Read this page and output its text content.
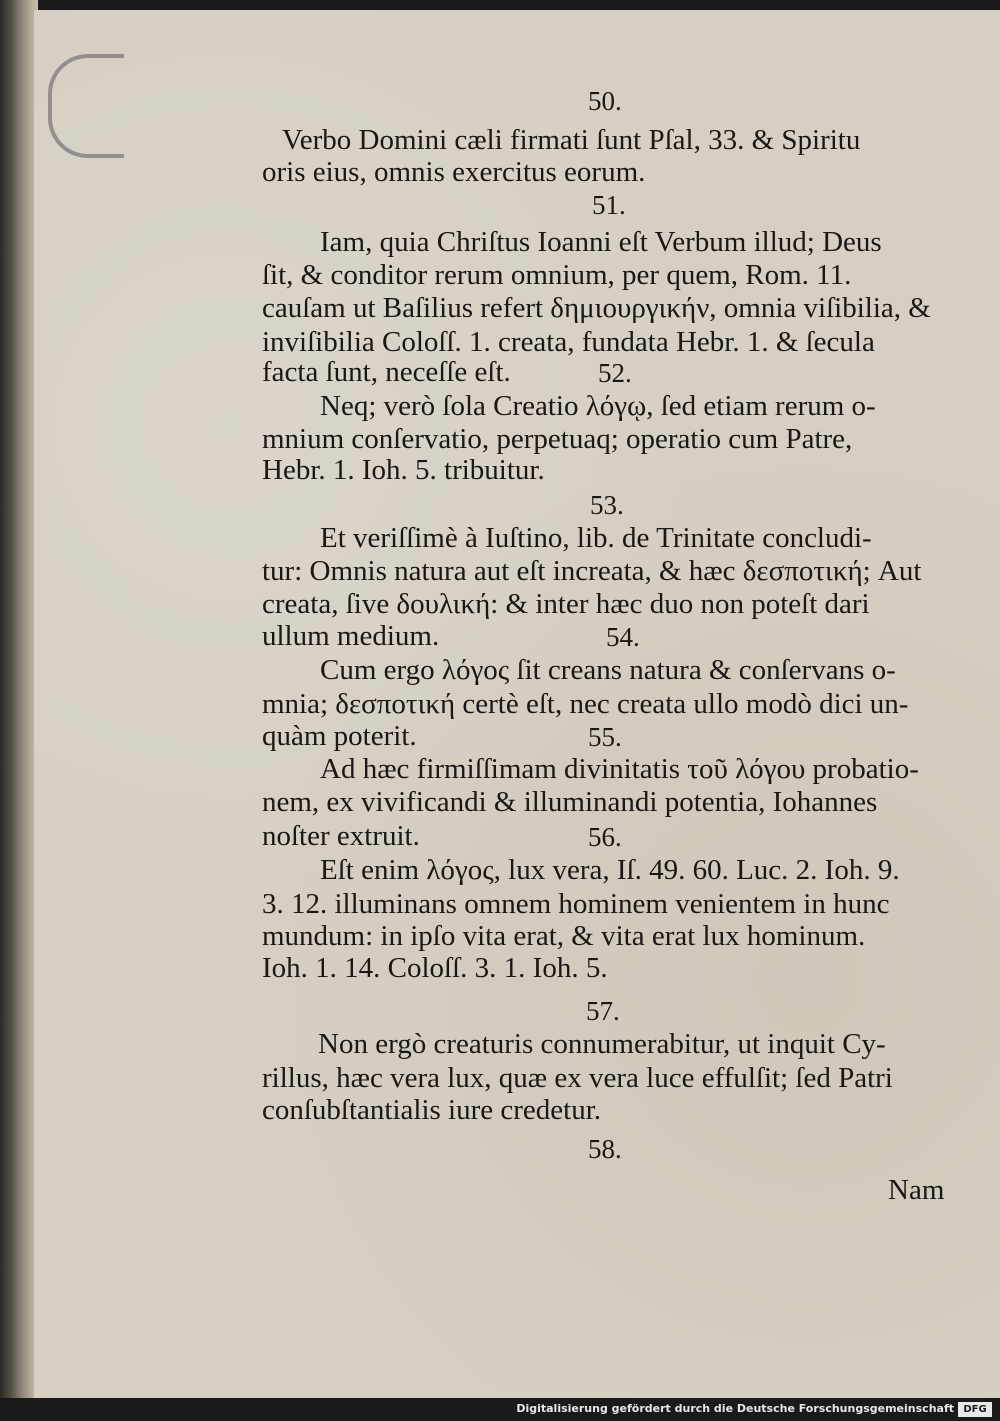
50.
Verbo Domini cæli firmati ſunt Pſal, 33. & Spiritu
oris eius, omnis exercitus eorum.
51.
Iam, quia Chriſtus Ioanni eſt Verbum illud; Deus
ſit, & conditor rerum omnium, per quem, Rom. 11.
cauſam ut Baſilius refert δημιουργικήν, omnia viſibilia, &
inviſibilia Coloſſ. 1. creata, fundata Hebr. 1. & ſecula
facta ſunt, neceſſe eſt.	52.
Neq; verò ſola Creatio λόγῳ, ſed etiam rerum o-
mnium conſervatio, perpetuaq; operatio cum Patre,
Hebr. 1. Ioh. 5. tribuitur.
53.
Et veriſſimè à Iuſtino, lib. de Trinitate concludi-
tur: Omnis natura aut eſt increata, & hæc δεσποτική; Aut
creata, ſive δουλική: & inter hæc duo non poteſt dari
ullum medium.	54.
Cum ergo λόγος ſit creans natura & conſervans o-
mnia; δεσποτική certè eſt, nec creata ullo modò dici un-
quàm poterit.	55.
Ad hæc firmiſſimam divinitatis τοῦ λόγου probatio-
nem, ex vivificandi & illuminandi potentia, Iohannes
noſter extruit.	56.
Eſt enim λόγος, lux vera, Iſ. 49. 60. Luc. 2. Ioh. 9.
3. 12. illuminans omnem hominem venientem in hunc
mundum: in ipſo vita erat, & vita erat lux hominum.
Ioh. 1. 14. Coloſſ. 3. 1. Ioh. 5.
57.
Non ergò creaturis connumerabitur, ut inquit Cy-
rillus, hæc vera lux, quæ ex vera luce effulſit; ſed Patri
conſubſtantialis iure credetur.
58.
Nam
Digitalisierung gefördert durch die Deutsche Forschungsgemeinschaft DFG
